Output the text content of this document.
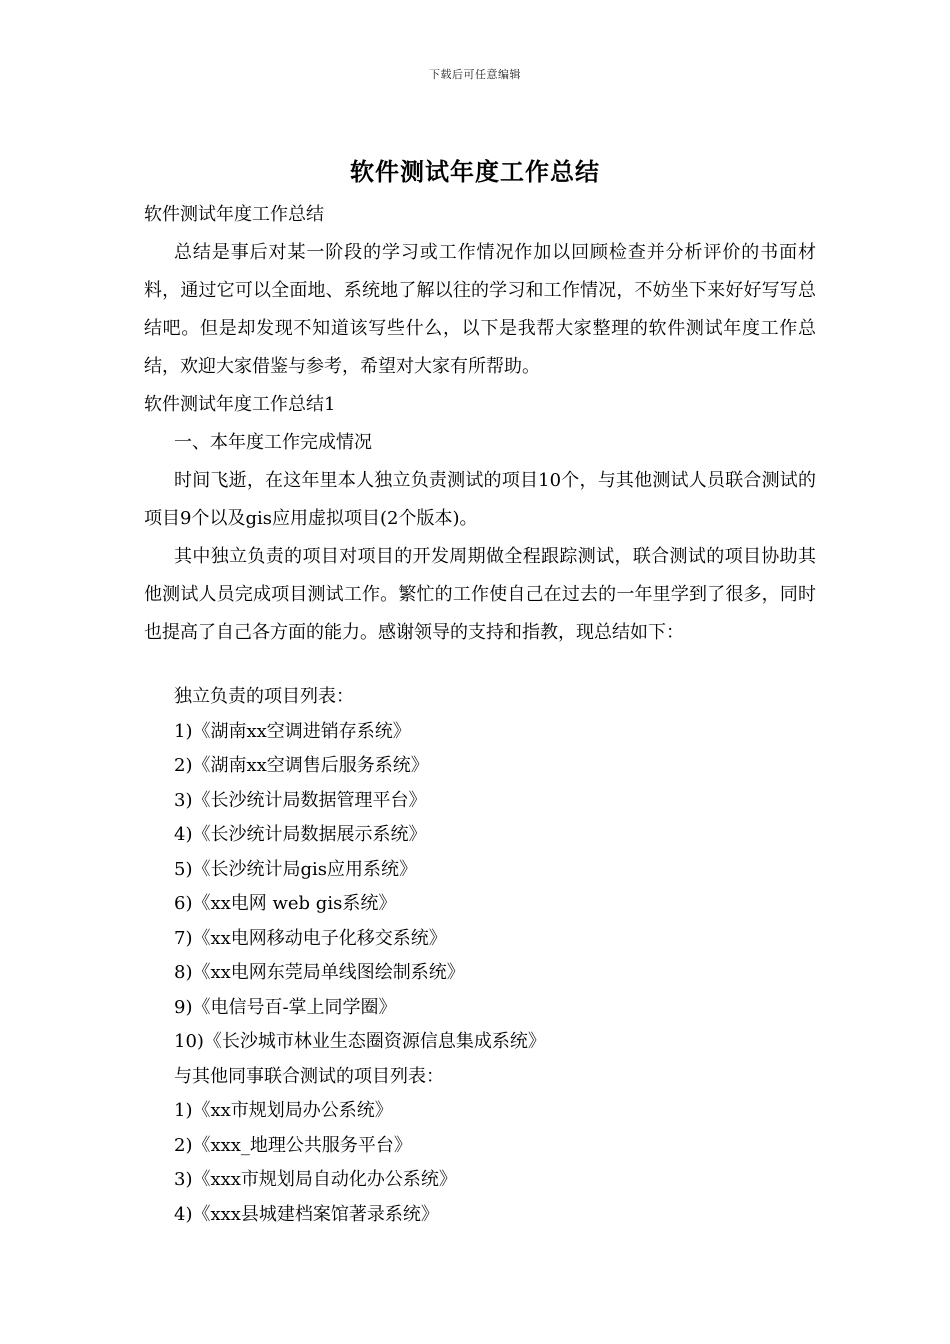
下载后可任意编辑
软件测试年度工作总结
软件测试年度工作总结
总结是事后对某一阶段的学习或工作情况作加以回顾检查并分析评价的书面材料，通过它可以全面地、系统地了解以往的学习和工作情况，不妨坐下来好好写写总结吧。但是却发现不知道该写些什么，以下是我帮大家整理的软件测试年度工作总结，欢迎大家借鉴与参考，希望对大家有所帮助。
软件测试年度工作总结1
一、本年度工作完成情况
时间飞逝，在这年里本人独立负责测试的项目10个，与其他测试人员联合测试的项目9个以及gis应用虚拟项目(2个版本)。
其中独立负责的项目对项目的开发周期做全程跟踪测试，联合测试的项目协助其他测试人员完成项目测试工作。繁忙的工作使自己在过去的一年里学到了很多，同时也提高了自己各方面的能力。感谢领导的支持和指教，现总结如下：
独立负责的项目列表：
1)《湖南xx空调进销存系统》
2)《湖南xx空调售后服务系统》
3)《长沙统计局数据管理平台》
4)《长沙统计局数据展示系统》
5)《长沙统计局gis应用系统》
6)《xx电网 web gis系统》
7)《xx电网移动电子化移交系统》
8)《xx电网东莞局单线图绘制系统》
9)《电信号百-掌上同学圈》
10)《长沙城市林业生态圈资源信息集成系统》
与其他同事联合测试的项目列表：
1)《xx市规划局办公系统》
2)《xxx_地理公共服务平台》
3)《xxx市规划局自动化办公系统》
4)《xxx县城建档案馆著录系统》
